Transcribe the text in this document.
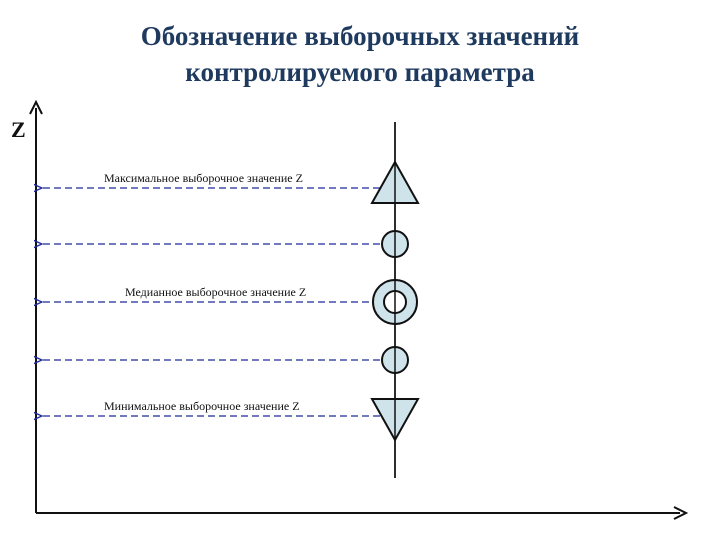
Обозначение выборочных значений
контролируемого параметра
Z
Максимальное выборочное значение Z
Медианное выборочное значение Z
Минимальное выборочное значение Z
